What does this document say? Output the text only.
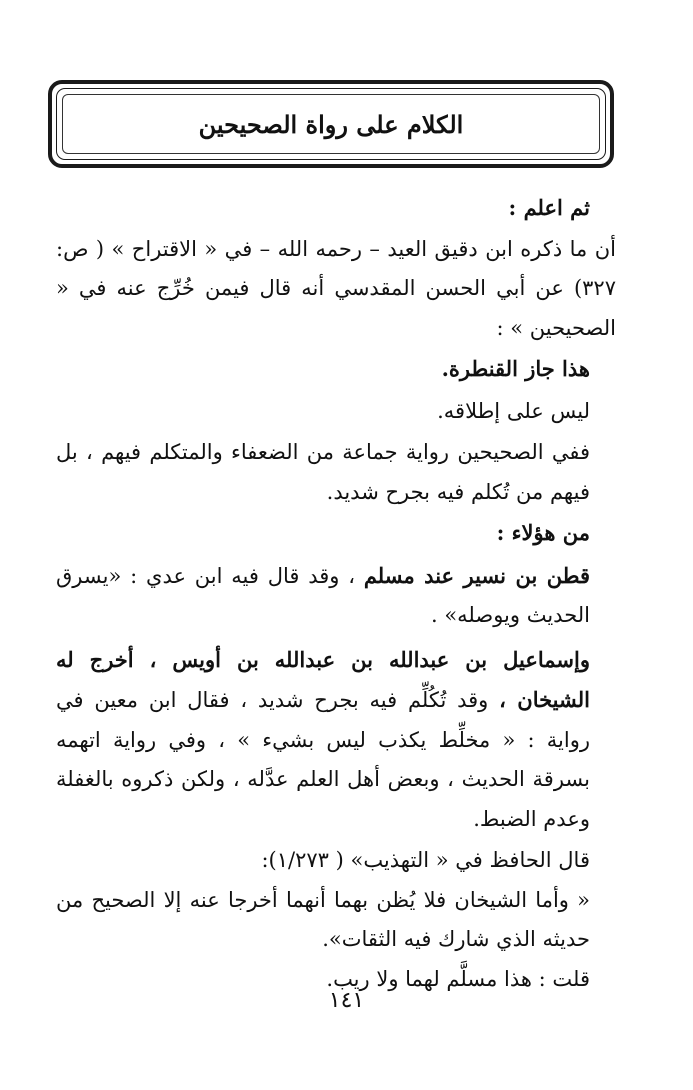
الكلام على رواة الصحيحين

ثم اعلم :

أن ما ذكره ابن دقيق العيد – رحمه الله – في « الاقتراح » ( ص: ٣٢٧) عن أبي الحسن المقدسي أنه قال فيمن خُرِّج عنه في « الصحيحين » :

هذا جاز القنطرة.

ليس على إطلاقه.

ففي الصحيحين رواية جماعة من الضعفاء والمتكلم فيهم ، بل فيهم من تُكلم فيه بجرح شديد.

من هؤلاء :

قطن بن نسير عند مسلم ، وقد قال فيه ابن عدي : «يسرق الحديث ويوصله» .

وإسماعيل بن عبدالله بن عبدالله بن أويس ، أخرج له الشيخان ، وقد تُكُلِّم فيه بجرح شديد ، فقال ابن معين في رواية : « مخلِّط يكذب ليس بشيء » ، وفي رواية اتهمه بسرقة الحديث ، وبعض أهل العلم عدَّله ، ولكن ذكروه بالغفلة وعدم الضبط.

قال الحافظ في « التهذيب» ( ١/٢٧٣):

« وأما الشيخان فلا يُظن بهما أنهما أخرجا عنه إلا الصحيح من حديثه الذي شارك فيه الثقات».

قلت : هذا مسلَّم لهما ولا ريب.

١٤١
